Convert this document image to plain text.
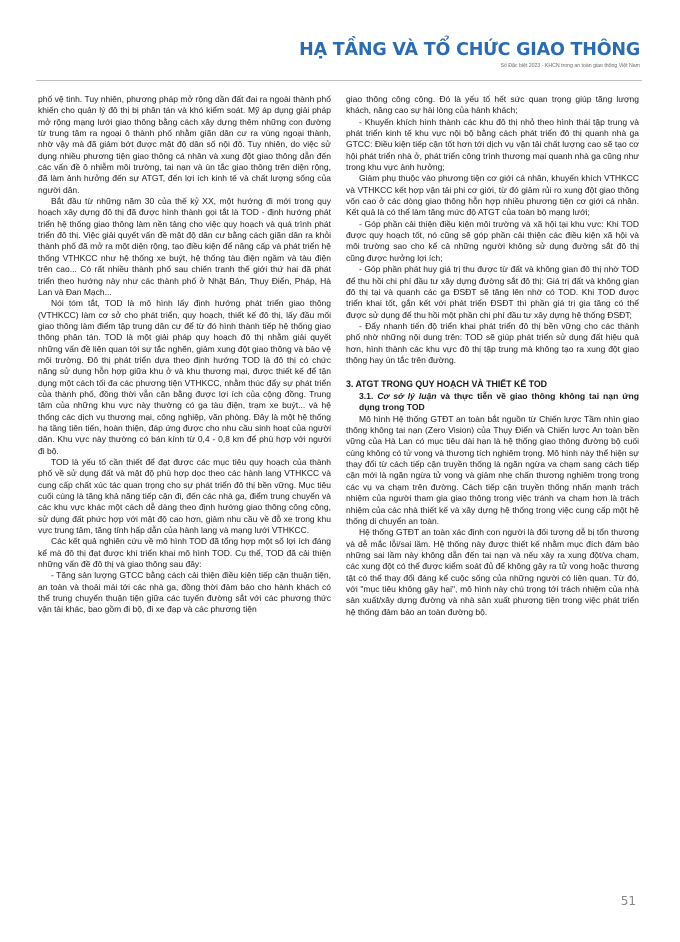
HẠ TẦNG VÀ TỔ CHỨC GIAO THÔNG
Số Đặc biệt 2023 - KHCN trong an toàn giao thông Việt Nam

phố vệ tinh. Tuy nhiên, phương pháp mở rộng dần đất đai ra ngoài thành phố khiến cho quản lý đô thị bị phân tán và khó kiểm soát. Mỹ áp dụng giải pháp mở rộng mạng lưới giao thông bằng cách xây dựng thêm những con đường từ trung tâm ra ngoại ô thành phố nhằm giãn dân cư ra vùng ngoại thành, nhờ vậy mà đã giảm bớt được mật độ dân số nội đô. Tuy nhiên, do việc sử dụng nhiều phương tiện giao thông cá nhân và xung đột giao thông dẫn đến các vấn đề ô nhiễm môi trường, tai nạn và ùn tắc giao thông trên diện rộng, đã làm ảnh hưởng đến sự ATGT, đến lợi ích kinh tế và chất lượng sống của người dân.

Bắt đầu từ những năm 30 của thế kỷ XX, một hướng đi mới trong quy hoạch xây dựng đô thị đã được hình thành gọi tắt là TOD - định hướng phát triển hệ thống giao thông làm nền tảng cho việc quy hoạch và quá trình phát triển đô thị. Việc giải quyết vấn đề mật độ dân cư bằng cách giãn dân ra khỏi thành phố đã mở ra một diện rộng, tạo điều kiện để nâng cấp và phát triển hệ thống VTHKCC như hệ thống xe buýt, hệ thống tàu điện ngầm và tàu điện trên cao... Có rất nhiều thành phố sau chiến tranh thế giới thứ hai đã phát triển theo hướng này như các thành phố ở Nhật Bản, Thụy Điển, Pháp, Hà Lan và Đan Mạch...

Nói tóm tắt, TOD là mô hình lấy định hướng phát triển giao thông (VTHKCC) làm cơ sở cho phát triển, quy hoạch, thiết kế đô thị, lấy đầu mối giao thông làm điểm tập trung dân cư để từ đó hình thành tiếp hệ thống giao thông phân tán. TOD là một giải pháp quy hoạch đô thị nhằm giải quyết những vấn đề liên quan tới sự tắc nghẽn, giảm xung đột giao thông và bảo vệ môi trường. Đô thị phát triển dựa theo định hướng TOD là đô thị có chức năng sử dụng hỗn hợp giữa khu ở và khu thương mại, được thiết kế để tận dụng một cách tối đa các phương tiện VTHKCC, nhằm thúc đẩy sự phát triển của thành phố, đồng thời vẫn cân bằng được lợi ích của cộng đồng. Trung tâm của những khu vực này thường có ga tàu điện, trạm xe buýt... và hệ thống các dịch vụ thương mại, công nghiệp, văn phòng. Đây là một hệ thống hạ tầng tiên tiến, hoàn thiện, đáp ứng được cho nhu cầu sinh hoạt của người dân. Khu vực này thường có bán kính từ 0,4 - 0,8 km để phù hợp với người đi bộ.

TOD là yếu tố cần thiết để đạt được các mục tiêu quy hoạch của thành phố về sử dụng đất và mật độ phù hợp dọc theo các hành lang VTHKCC và cung cấp chất xúc tác quan trọng cho sự phát triển đô thị bền vững. Mục tiêu cuối cùng là tăng khả năng tiếp cận đi, đến các nhà ga, điểm trung chuyển và các khu vực khác một cách dễ dàng theo định hướng giao thông công cộng, sử dụng đất phức hợp với mật độ cao hơn, giảm nhu cầu về đỗ xe trong khu vực trung tâm, tăng tính hấp dẫn của hành lang và mạng lưới VTHKCC.

Các kết quả nghiên cứu về mô hình TOD đã tổng hợp một số lợi ích đáng kể mà đô thị đạt được khi triển khai mô hình TOD. Cụ thể, TOD đã cải thiện những vấn đề đô thị và giao thông sau đây:

- Tăng sản lượng GTCC bằng cách cải thiện điều kiện tiếp cận thuận tiện, an toàn và thoải mái tới các nhà ga, đồng thời đảm bảo cho hành khách có thể trung chuyển thuận tiện giữa các tuyến đường sắt với các phương thức vận tải khác, bao gồm đi bộ, đi xe đạp và các phương tiện

giao thông công cộng. Đó là yếu tố hết sức quan trọng giúp tăng lượng khách, nâng cao sự hài lòng của hành khách;

- Khuyến khích hình thành các khu đô thị nhỏ theo hình thái tập trung và phát triển kinh tế khu vực nội bộ bằng cách phát triển đô thị quanh nhà ga GTCC: Điều kiện tiếp cận tốt hơn tới dịch vụ vận tải chất lượng cao sẽ tạo cơ hội phát triển nhà ở, phát triển công trình thương mại quanh nhà ga cũng như trong khu vực ảnh hưởng;

Giảm phụ thuộc vào phương tiện cơ giới cá nhân, khuyến khích VTHKCC và VTHKCC kết hợp vận tải phi cơ giới, từ đó giảm rủi ro xung đột giao thông vốn cao ở các dòng giao thông hỗn hợp nhiều phương tiện cơ giới cá nhân. Kết quả là có thể làm tăng mức độ ATGT của toàn bộ mạng lưới;

- Góp phần cải thiện điều kiện môi trường và xã hội tại khu vực: Khi TOD được quy hoạch tốt, nó cũng sẽ góp phần cải thiện các điều kiện xã hội và môi trường sao cho kể cả những người không sử dụng đường sắt đô thị cũng được hưởng lợi ích;

- Góp phần phát huy giá trị thu được từ đất và không gian đô thị nhờ TOD để thu hồi chi phí đầu tư xây dựng đường sắt đô thị: Giá trị đất và không gian đô thị tại và quanh các ga ĐSĐT sẽ tăng lên nhờ có TOD. Khi TOD được triển khai tốt, gắn kết với phát triển ĐSĐT thì phần giá trị gia tăng có thể được sử dụng để thu hồi một phần chi phí đầu tư xây dựng hệ thống ĐSĐT;

- Đẩy nhanh tiến độ triển khai phát triển đô thị bền vững cho các thành phố nhờ những nội dung trên: TOD sẽ giúp phát triển sử dụng đất hiệu quả hơn, hình thành các khu vực đô thị tập trung mà không tạo ra xung đột giao thông hay ùn tắc trên đường.

3. ATGT TRONG QUY HOẠCH VÀ THIẾT KẾ TOD
3.1. Cơ sở lý luận và thực tiễn về giao thông không tai nạn ứng dụng trong TOD

Mô hình Hệ thống GTĐT an toàn bắt nguồn từ Chiến lược Tầm nhìn giao thông không tai nạn (Zero Vision) của Thụy Điển và Chiến lược An toàn bền vững của Hà Lan có mục tiêu dài hạn là hệ thống giao thông đường bộ cuối cùng không có tử vong và thương tích nghiêm trọng. Mô hình này thể hiện sự thay đổi từ cách tiếp cận truyền thống là ngăn ngừa va chạm sang cách tiếp cận mới là ngăn ngừa tử vong và giảm nhẹ chấn thương nghiêm trọng trong các vụ va chạm trên đường. Cách tiếp cận truyền thống nhấn mạnh trách nhiệm của người tham gia giao thông trong việc tránh va chạm hơn là trách nhiệm của các nhà thiết kế và xây dựng hệ thống trong việc cung cấp một hệ thống di chuyển an toàn.

Hệ thống GTĐT an toàn xác định con người là đối tượng dễ bị tổn thương và dễ mắc lỗi/sai lầm. Hệ thống này được thiết kế nhằm mục đích đảm bảo những sai lầm này không dẫn đến tai nạn và nếu xảy ra xung đột/va chạm, các xung đột có thể được kiểm soát đủ để không gây ra tử vong hoặc thương tật có thể thay đổi đáng kể cuộc sống của những người có liên quan. Từ đó, với "mục tiêu không gây hại", mô hình này chú trọng tới trách nhiệm của nhà sản xuất/xây dựng đường và nhà sản xuất phương tiện trong việc phát triển hệ thống đảm bảo an toàn đường bộ.

51
